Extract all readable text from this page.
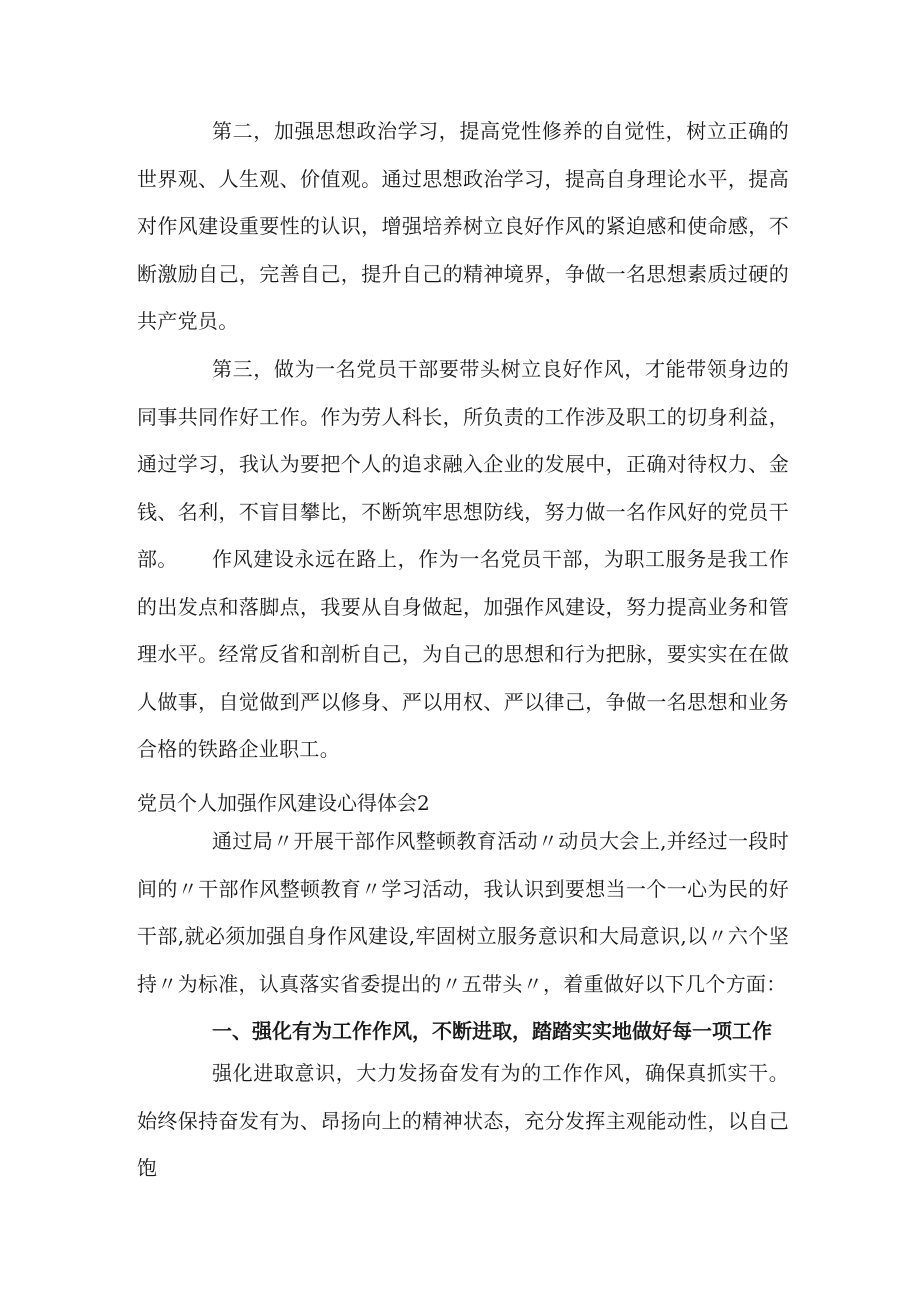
第二，加强思想政治学习，提高党性修养的自觉性，树立正确的世界观、人生观、价值观。通过思想政治学习，提高自身理论水平，提高对作风建设重要性的认识，增强培养树立良好作风的紧迫感和使命感，不断激励自己，完善自己，提升自己的精神境界，争做一名思想素质过硬的共产党员。

第三，做为一名党员干部要带头树立良好作风，才能带领身边的同事共同作好工作。作为劳人科长，所负责的工作涉及职工的切身利益，通过学习，我认为要把个人的追求融入企业的发展中，正确对待权力、金钱、名利，不盲目攀比，不断筑牢思想防线，努力做一名作风好的党员干部。	作风建设永远在路上，作为一名党员干部，为职工服务是我工作的出发点和落脚点，我要从自身做起，加强作风建设，努力提高业务和管理水平。经常反省和剖析自己，为自己的思想和行为把脉，要实实在在做人做事，自觉做到严以修身、严以用权、严以律己，争做一名思想和业务合格的铁路企业职工。

党员个人加强作风建设心得体会2

通过局〃开展干部作风整顿教育活动〃动员大会上,并经过一段时间的〃干部作风整顿教育〃学习活动，我认识到要想当一个一心为民的好干部,就必须加强自身作风建设,牢固树立服务意识和大局意识,以〃六个坚持〃为标准，认真落实省委提出的〃五带头〃，着重做好以下几个方面：

一、强化有为工作作风，不断进取，踏踏实实地做好每一项工作

强化进取意识，大力发扬奋发有为的工作作风，确保真抓实干。始终保持奋发有为、昂扬向上的精神状态，充分发挥主观能动性，以自己饱
